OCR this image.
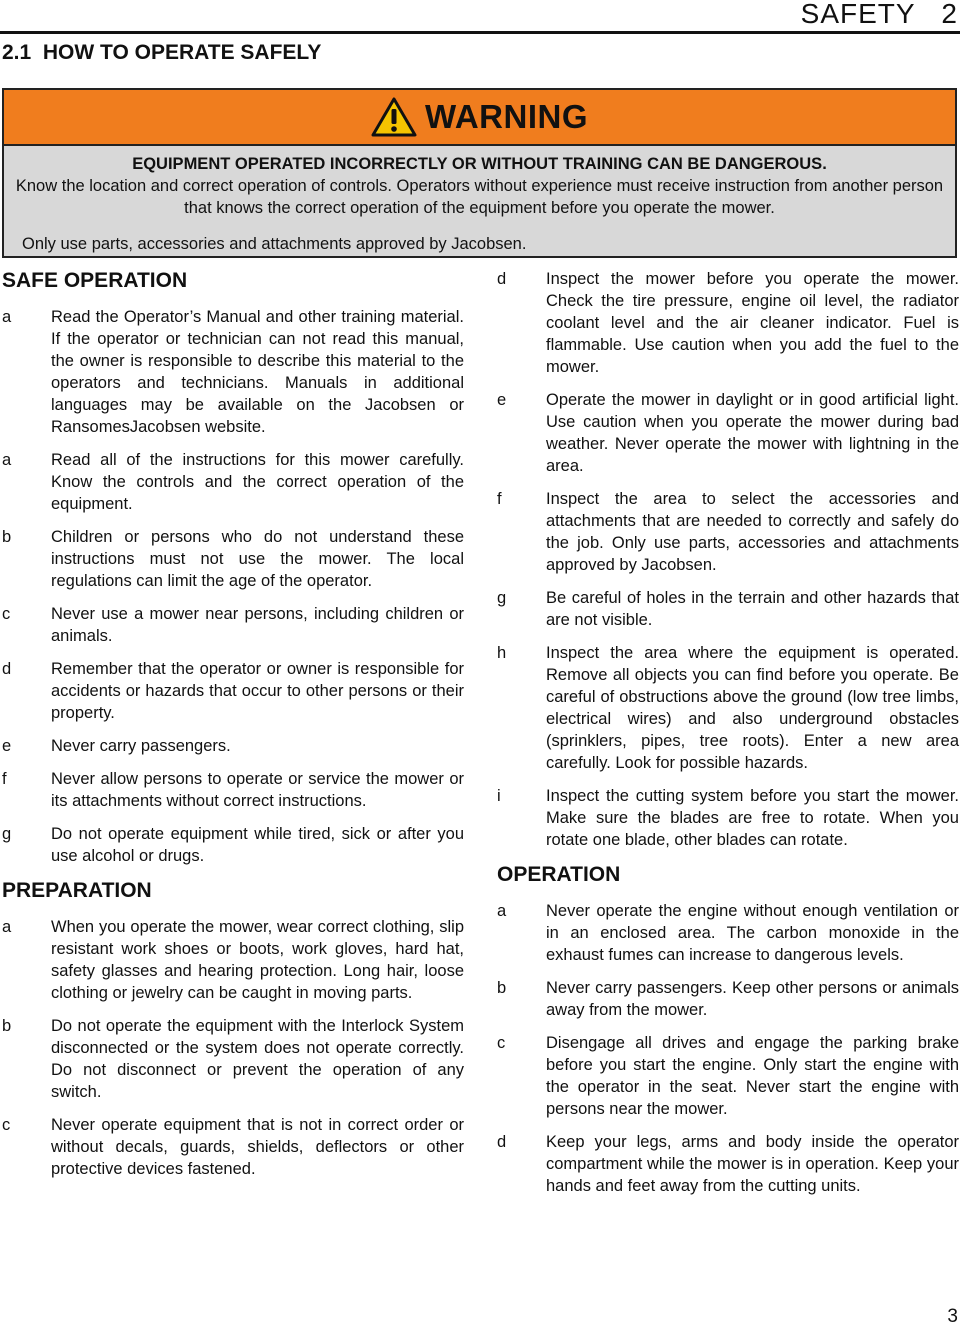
SAFETY   2
2.1  HOW TO OPERATE SAFELY
WARNING
EQUIPMENT OPERATED INCORRECTLY OR WITHOUT TRAINING CAN BE DANGEROUS.
Know the location and correct operation of controls. Operators without experience must receive instruction from another person that knows the correct operation of the equipment before you operate the mower.
Only use parts, accessories and attachments approved by Jacobsen.
SAFE OPERATION
a	Read the Operator’s Manual and other training material. If the operator or technician can not read this manual, the owner is responsible to describe this material to the operators and technicians. Manuals in additional languages may be available on the Jacobsen or RansomesJacobsen website.
a	Read all of the instructions for this mower carefully. Know the controls and the correct operation of the equipment.
b	Children or persons who do not understand these instructions must not use the mower. The local regulations can limit the age of the operator.
c	Never use a mower near persons, including children or animals.
d	Remember that the operator or owner is responsible for accidents or hazards that occur to other persons or their property.
e	Never carry passengers.
f	Never allow persons to operate or service the mower or its attachments without correct instructions.
g	Do not operate equipment while tired, sick or after you use alcohol or drugs.
PREPARATION
a	When you operate the mower, wear correct clothing, slip resistant work shoes or boots, work gloves, hard hat, safety glasses and hearing protection. Long hair, loose clothing or jewelry can be caught in moving parts.
b	Do not operate the equipment with the Interlock System disconnected or the system does not operate correctly. Do not disconnect or prevent the operation of any switch.
c	Never operate equipment that is not in correct order or without decals, guards, shields, deflectors or other protective devices fastened.
d	Inspect the mower before you operate the mower. Check the tire pressure, engine oil level, the radiator coolant level and the air cleaner indicator. Fuel is flammable. Use caution when you add the fuel to the mower.
e	Operate the mower in daylight or in good artificial light. Use caution when you operate the mower during bad weather. Never operate the mower with lightning in the area.
f	Inspect the area to select the accessories and attachments that are needed to correctly and safely do the job. Only use parts, accessories and attachments approved by Jacobsen.
g	Be careful of holes in the terrain and other hazards that are not visible.
h	Inspect the area where the equipment is operated. Remove all objects you can find before you operate. Be careful of obstructions above the ground (low tree limbs, electrical wires) and also underground obstacles (sprinklers, pipes, tree roots). Enter a new area carefully. Look for possible hazards.
i	Inspect the cutting system before you start the mower. Make sure the blades are free to rotate. When you rotate one blade, other blades can rotate.
OPERATION
a	Never operate the engine without enough ventilation or in an enclosed area. The carbon monoxide in the exhaust fumes can increase to dangerous levels.
b	Never carry passengers. Keep other persons or animals away from the mower.
c	Disengage all drives and engage the parking brake before you start the engine. Only start the engine with the operator in the seat. Never start the engine with persons near the mower.
d	Keep your legs, arms and body inside the operator compartment while the mower is in operation. Keep your hands and feet away from the cutting units.
3
